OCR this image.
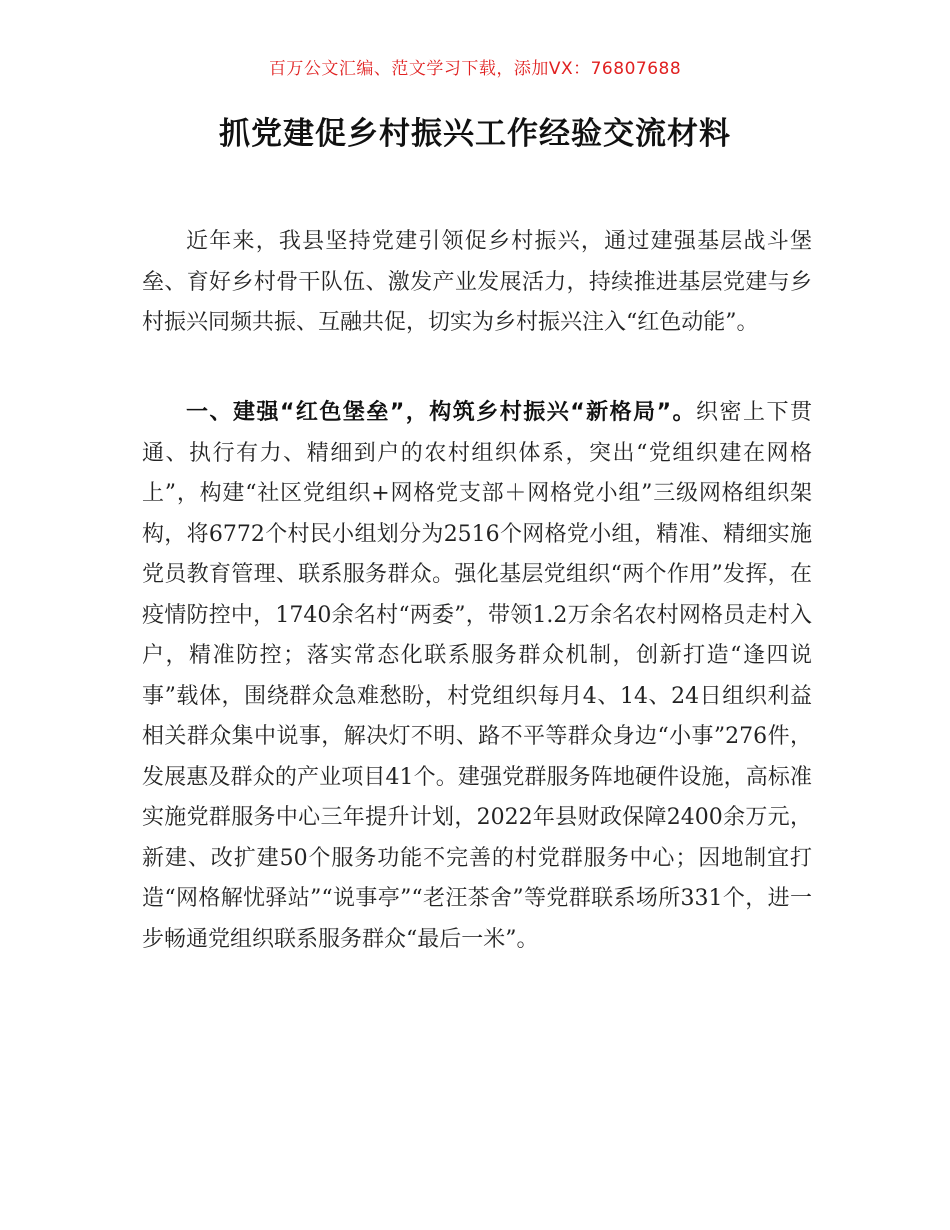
百万公文汇编、范文学习下载，添加VX：76807688
抓党建促乡村振兴工作经验交流材料

近年来，我县坚持党建引领促乡村振兴，通过建强基层战斗堡垒、育好乡村骨干队伍、激发产业发展活力，持续推进基层党建与乡村振兴同频共振、互融共促，切实为乡村振兴注入“红色动能”。

一、建强“红色堡垒”，构筑乡村振兴“新格局”。织密上下贯通、执行有力、精细到户的农村组织体系，突出“党组织建在网格上”，构建“社区党组织+网格党支部＋网格党小组”三级网格组织架构，将6772个村民小组划分为2516个网格党小组，精准、精细实施党员教育管理、联系服务群众。强化基层党组织“两个作用”发挥，在疫情防控中，1740余名村“两委”，带领1.2万余名农村网格员走村入户，精准防控；落实常态化联系服务群众机制，创新打造“逢四说事”载体，围绕群众急难愁盼，村党组织每月4、14、24日组织利益相关群众集中说事，解决灯不明、路不平等群众身边“小事”276件，发展惠及群众的产业项目41个。建强党群服务阵地硬件设施，高标准实施党群服务中心三年提升计划，2022年县财政保障2400余万元，新建、改扩建50个服务功能不完善的村党群服务中心；因地制宜打造“网格解忧驿站”“说事亭”“老汪茶舍”等党群联系场所331个，进一步畅通党组织联系服务群众“最后一米”。
